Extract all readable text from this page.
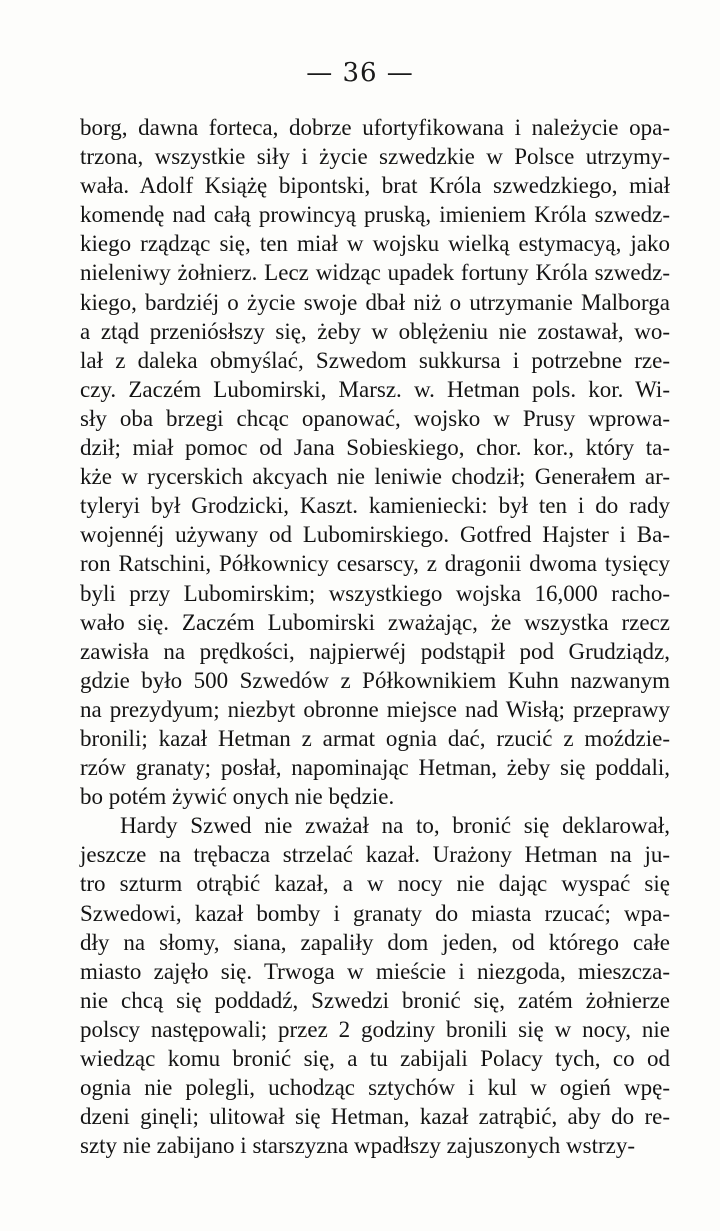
— 36 —
borg, dawna forteca, dobrze ufortyfikowana i należycie opa-
trzona, wszystkie siły i życie szwedzkie w Polsce utrzymy-
wała. Adolf Książę bipontski, brat Króla szwedzkiego, miał
komendę nad całą prowincyą pruską, imieniem Króla szwedz-
kiego rządząc się, ten miał w wojsku wielką estymacyą, jako
nieleniwy żołnierz. Lecz widząc upadek fortuny Króla szwedz-
kiego, bardziéj o życie swoje dbał niż o utrzymanie Malborga
a ztąd przeniósłszy się, żeby w oblężeniu nie zostawał, wo-
lał z daleka obmyślać, Szwedom sukkursa i potrzebne rze-
czy. Zaczém Lubomirski, Marsz. w. Hetman pols. kor. Wi-
sły oba brzegi chcąc opanować, wojsko w Prusy wprowa-
dził; miał pomoc od Jana Sobieskiego, chor. kor., który ta-
kże w rycerskich akcyach nie leniwie chodził; Generałem ar-
tyleryi był Grodzicki, Kaszt. kamieniecki: był ten i do rady
wojennéj używany od Lubomirskiego. Gotfred Hajster i Ba-
ron Ratschini, Półkownicy cesarscy, z dragonii dwoma tysięcy
byli przy Lubomirskim; wszystkiego wojska 16,000 racho-
wało się. Zaczém Lubomirski zważając, że wszystka rzecz
zawisła na prędkości, najpierwéj podstąpił pod Grudziądz,
gdzie było 500 Szwedów z Półkownikiem Kuhn nazwanym
na prezydyum; niezbyt obronne miejsce nad Wisłą; przeprawy
bronili; kazał Hetman z armat ognia dać, rzucić z moździe-
rzów granaty; posłał, napominając Hetman, żeby się poddali,
bo potém żywić onych nie będzie.
Hardy Szwed nie zważał na to, bronić się deklarował,
jeszcze na trębacza strzelać kazał. Urażony Hetman na ju-
tro szturm otrąbić kazał, a w nocy nie dając wyspać się
Szwedowi, kazał bomby i granaty do miasta rzucać; wpa-
dły na słomy, siana, zapaliły dom jeden, od którego całe
miasto zajęło się. Trwoga w mieście i niezgoda, mieszczа-
nie chcą się poddadź, Szwedzi bronić się, zatém żołnierze
polscy następowali; przez 2 godziny bronili się w nocy, nie
wiedząc komu bronić się, a tu zabijali Polacy tych, co od
ognia nie polegli, uchodząc sztychów i kul w ogień wpę-
dzeni ginęli; ulitował się Hetman, kazał zatrąbić, aby do re-
szty nie zabijano i starszyzna wpadłszy zajuszonych wstrzy-
